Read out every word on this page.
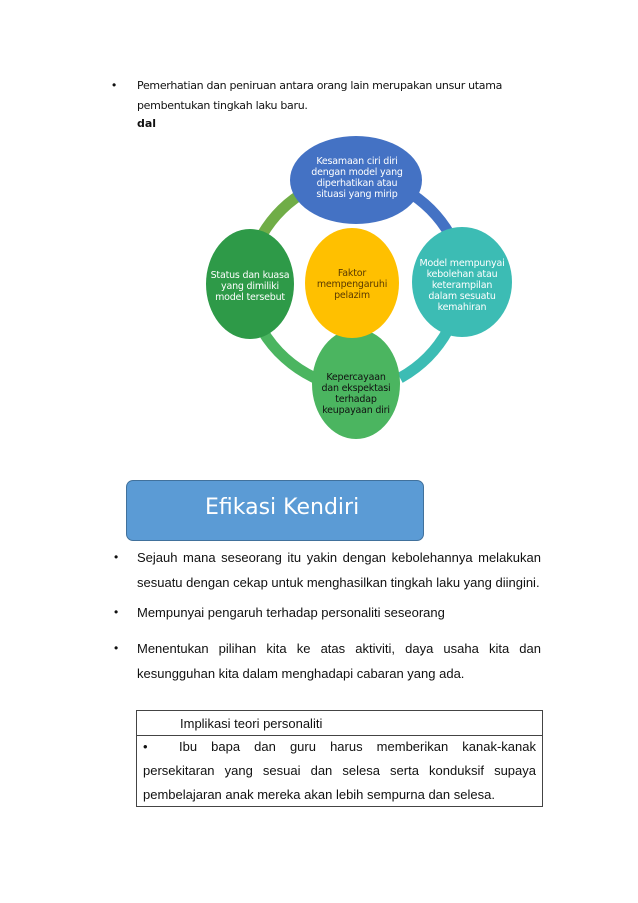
• Pemerhatian dan peniruan antara orang lain merupakan unsur utama pembentukan tingkah laku baru.
dal
Kesamaan ciri diri dengan model yang diperhatikan atau situasi yang mirip
Model mempunyai kebolehan atau keterampilan dalam sesuatu kemahiran
Kepercayaan dan ekspektasi terhadap keupayaan diri
Status dan kuasa yang dimiliki model tersebut
Faktor mempengaruhi pelazim
Efikasi Kendiri
• Sejauh mana seseorang itu yakin dengan kebolehannya melakukan sesuatu dengan cekap untuk menghasilkan tingkah laku yang diingini.
• Mempunyai pengaruh terhadap personaliti seseorang
• Menentukan pilihan kita ke atas aktiviti, daya usaha kita dan kesungguhan kita dalam menghadapi cabaran yang ada.
Implikasi teori personaliti
• Ibu bapa dan guru harus memberikan kanak-kanak persekitaran yang sesuai dan selesa serta konduksif supaya pembelajaran anak mereka akan lebih sempurna dan selesa.
